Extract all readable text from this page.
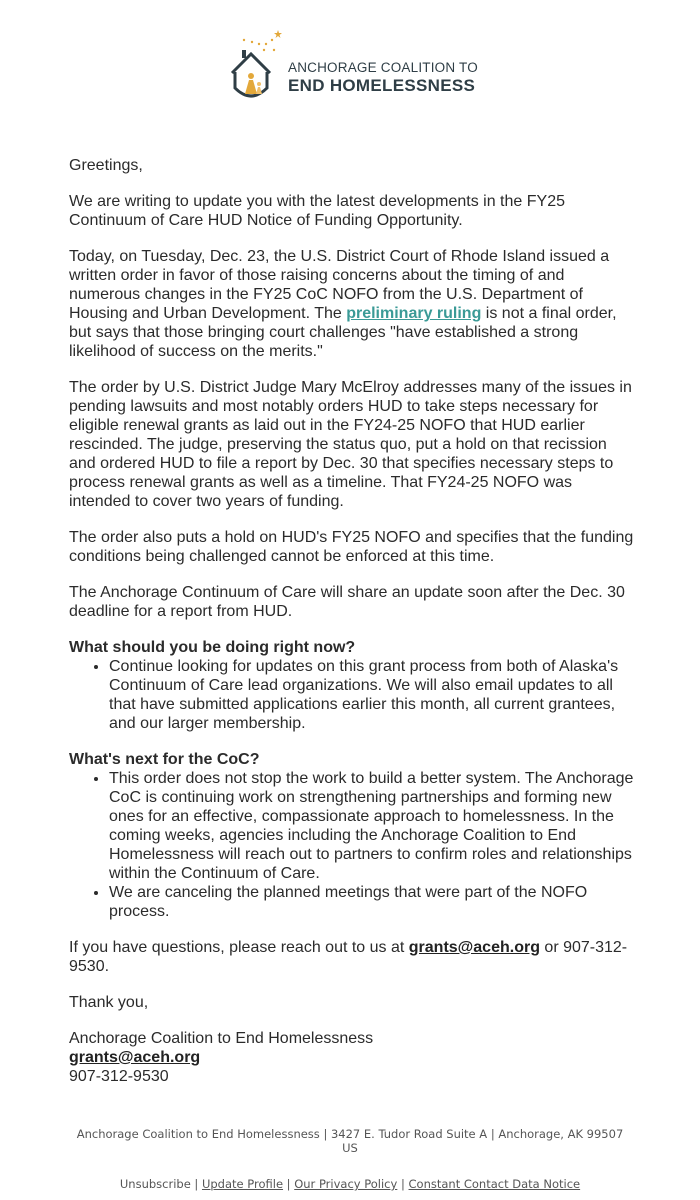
ANCHORAGE COALITION TO
END HOMELESSNESS

Greetings,

We are writing to update you with the latest developments in the FY25 Continuum of Care HUD Notice of Funding Opportunity.

Today, on Tuesday, Dec. 23, the U.S. District Court of Rhode Island issued a written order in favor of those raising concerns about the timing of and numerous changes in the FY25 CoC NOFO from the U.S. Department of Housing and Urban Development. The preliminary ruling is not a final order, but says that those bringing court challenges "have established a strong likelihood of success on the merits."

The order by U.S. District Judge Mary McElroy addresses many of the issues in pending lawsuits and most notably orders HUD to take steps necessary for eligible renewal grants as laid out in the FY24-25 NOFO that HUD earlier rescinded. The judge, preserving the status quo, put a hold on that recission and ordered HUD to file a report by Dec. 30 that specifies necessary steps to process renewal grants as well as a timeline. That FY24-25 NOFO was intended to cover two years of funding.

The order also puts a hold on HUD's FY25 NOFO and specifies that the funding conditions being challenged cannot be enforced at this time.

The Anchorage Continuum of Care will share an update soon after the Dec. 30 deadline for a report from HUD.

What should you be doing right now?
• Continue looking for updates on this grant process from both of Alaska's Continuum of Care lead organizations. We will also email updates to all that have submitted applications earlier this month, all current grantees, and our larger membership.
What's next for the CoC?
• This order does not stop the work to build a better system. The Anchorage CoC is continuing work on strengthening partnerships and forming new ones for an effective, compassionate approach to homelessness. In the coming weeks, agencies including the Anchorage Coalition to End Homelessness will reach out to partners to confirm roles and relationships within the Continuum of Care.
• We are canceling the planned meetings that were part of the NOFO process.

If you have questions, please reach out to us at grants@aceh.org or 907-312-9530.

Thank you,

Anchorage Coalition to End Homelessness
grants@aceh.org
907-312-9530
Anchorage Coalition to End Homelessness | 3427 E. Tudor Road Suite A | Anchorage, AK 99507 US
Unsubscribe | Update Profile | Our Privacy Policy | Constant Contact Data Notice
